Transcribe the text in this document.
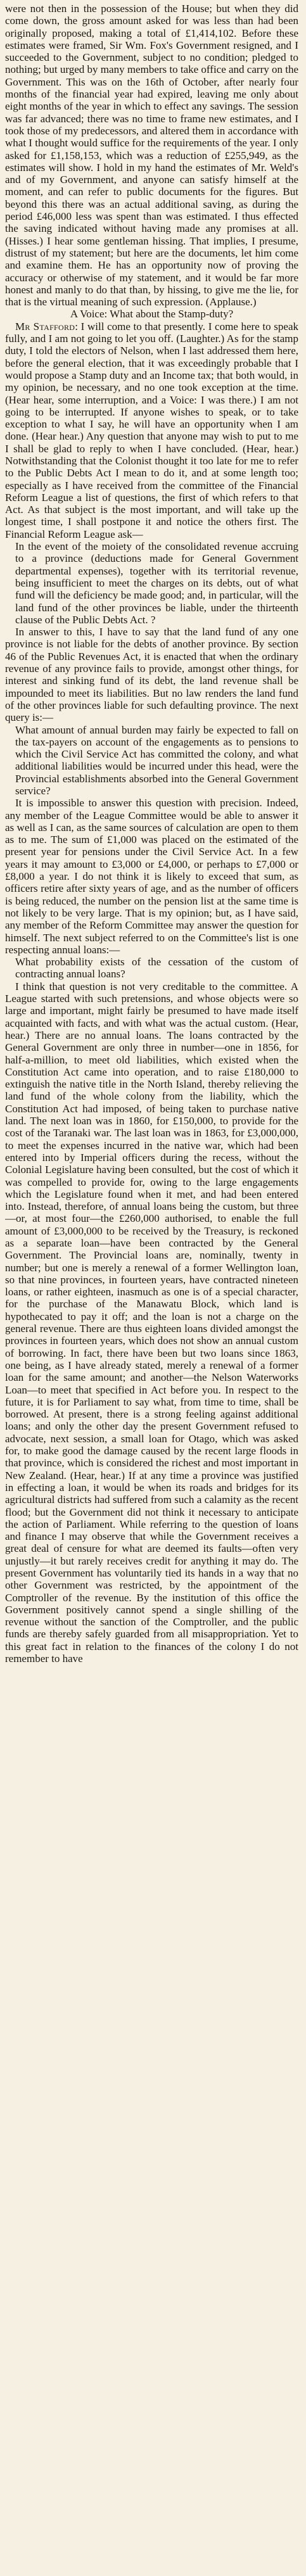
were not then in the possession of the House; but when they did come down, the gross amount asked for was less than had been originally proposed, making a total of £1,414,102. Before these estimates were framed, Sir Wm. Fox's Government resigned, and I succeeded to the Government, subject to no condition; pledged to nothing; but urged by many members to take office and carry on the Government. This was on the 16th of October, after nearly four months of the financial year had expired, leaving me only about eight months of the year in which to effect any savings. The session was far advanced; there was no time to frame new estimates, and I took those of my predecessors, and altered them in accordance with what I thought would suffice for the requirements of the year. I only asked for £1,158,153, which was a reduction of £255,949, as the estimates will show. I hold in my hand the estimates of Mr. Weld's and of my Government, and anyone can satisfy himself at the moment, and can refer to public documents for the figures. But beyond this there was an actual additional saving, as during the period £46,000 less was spent than was estimated. I thus effected the saving indicated without having made any promises at all. (Hisses.) I hear some gentleman hissing. That implies, I presume, distrust of my statement; but here are the documents, let him come and examine them. He has an opportunity now of proving the accuracy or otherwise of my statement, and it would be far more honest and manly to do that than, by hissing, to give me the lie, for that is the virtual meaning of such expression. (Applause.)

A Voice: What about the Stamp-duty?

Mr Stafford: I will come to that presently. I come here to speak fully, and I am not going to let you off. (Laughter.) As for the stamp duty, I told the electors of Nelson, when I last addressed them here, before the general election, that it was exceedingly probable that I would propose a Stamp duty and an Income tax; that both would, in my opinion, be necessary, and no one took exception at the time. (Hear hear, some interruption, and a Voice: I was there.) I am not going to be interrupted. If anyone wishes to speak, or to take exception to what I say, he will have an opportunity when I am done. (Hear hear.) Any question that anyone may wish to put to me I shall be glad to reply to when I have concluded. (Hear, hear.) Notwithstanding that the Colonist thought it too late for me to refer to the Public Debts Act I mean to do it, and at some length too; especially as I have received from the committee of the Financial Reform League a list of questions, the first of which refers to that Act. As that subject is the most important, and will take up the longest time, I shall postpone it and notice the others first. The Financial Reform League ask—

In the event of the moiety of the consolidated revenue accruing to a province (deductions made for General Government departmental expenses), together with its territorial revenue, being insufficient to meet the charges on its debts, out of what fund will the deficiency be made good; and, in particular, will the land fund of the other provinces be liable, under the thirteenth clause of the Public Debts Act. ?

In answer to this, I have to say that the land fund of any one province is not liable for the debts of another province. By section 46 of the Public Revenues Act, it is enacted that when the ordinary revenue of any province fails to provide, amongst other things, for interest and sinking fund of its debt, the land revenue shall be impounded to meet its liabilities. But no law renders the land fund of the other provinces liable for such defaulting province. The next query is:—

What amount of annual burden may fairly be expected to fall on the tax-payers on account of the engagements as to pensions to which the Civil Service Act has committed the colony, and what additional liabilities would be incurred under this head, were the Provincial establishments absorbed into the General Government service?

It is impossible to answer this question with precision. Indeed, any member of the League Committee would be able to answer it as well as I can, as the same sources of calculation are open to them as to me. The sum of £1,000 was placed on the estimated of the present year for pensions under the Civil Service Act. In a few years it may amount to £3,000 or £4,000, or perhaps to £7,000 or £8,000 a year. I do not think it is likely to exceed that sum, as officers retire after sixty years of age, and as the number of officers is being reduced, the number on the pension list at the same time is not likely to be very large. That is my opinion; but, as I have said, any member of the Reform Committee may answer the question for himself. The next subject referred to on the Committee's list is one respecting annual loans:—

What probability exists of the cessation of the custom of contracting annual loans?

I think that question is not very creditable to the committee. A League started with such pretensions, and whose objects were so large and important, might fairly be presumed to have made itself acquainted with facts, and with what was the actual custom. (Hear, hear.) There are no annual loans. The loans contracted by the General Government are only three in number—one in 1856, for half-a-million, to meet old liabilities, which existed when the Constitution Act came into operation, and to raise £180,000 to extinguish the native title in the North Island, thereby relieving the land fund of the whole colony from the liability, which the Constitution Act had imposed, of being taken to purchase native land. The next loan was in 1860, for £150,000, to provide for the cost of the Taranaki war. The last loan was in 1863, for £3,000,000, to meet the expenses incurred in the native war, which had been entered into by Imperial officers during the recess, without the Colonial Legislature having been consulted, but the cost of which it was compelled to provide for, owing to the large engagements which the Legislature found when it met, and had been entered into. Instead, therefore, of annual loans being the custom, but three—or, at most four—the £260,000 authorised, to enable the full amount of £3,000,000 to be received by the Treasury, is reckoned as a separate loan—have been contracted by the General Government. The Provincial loans are, nominally, twenty in number; but one is merely a renewal of a former Wellington loan, so that nine provinces, in fourteen years, have contracted nineteen loans, or rather eighteen, inasmuch as one is of a special character, for the purchase of the Manawatu Block, which land is hypothecated to pay it off; and the loan is not a charge on the general revenue. There are thus eighteen loans divided amongst the provinces in fourteen years, which does not show an annual custom of borrowing. In fact, there have been but two loans since 1863, one being, as I have already stated, merely a renewal of a former loan for the same amount; and another—the Nelson Waterworks Loan—to meet that specified in Act before you. In respect to the future, it is for Parliament to say what, from time to time, shall be borrowed. At present, there is a strong feeling against additional loans; and only the other day the present Government refused to advocate, next session, a small loan for Otago, which was asked for, to make good the damage caused by the recent large floods in that province, which is considered the richest and most important in New Zealand. (Hear, hear.) If at any time a province was justified in effecting a loan, it would be when its roads and bridges for its agricultural districts had suffered from such a calamity as the recent flood; but the Government did not think it necessary to anticipate the action of Parliament. While referring to the question of loans and finance I may observe that while the Government receives a great deal of censure for what are deemed its faults—often very unjustly—it but rarely receives credit for anything it may do. The present Government has voluntarily tied its hands in a way that no other Government was restricted, by the appointment of the Comptroller of the revenue. By the institution of this office the Government positively cannot spend a single shilling of the revenue without the sanction of the Comptroller, and the public funds are thereby safely guarded from all misappropriation. Yet to this great fact in relation to the finances of the colony I do not remember to have
